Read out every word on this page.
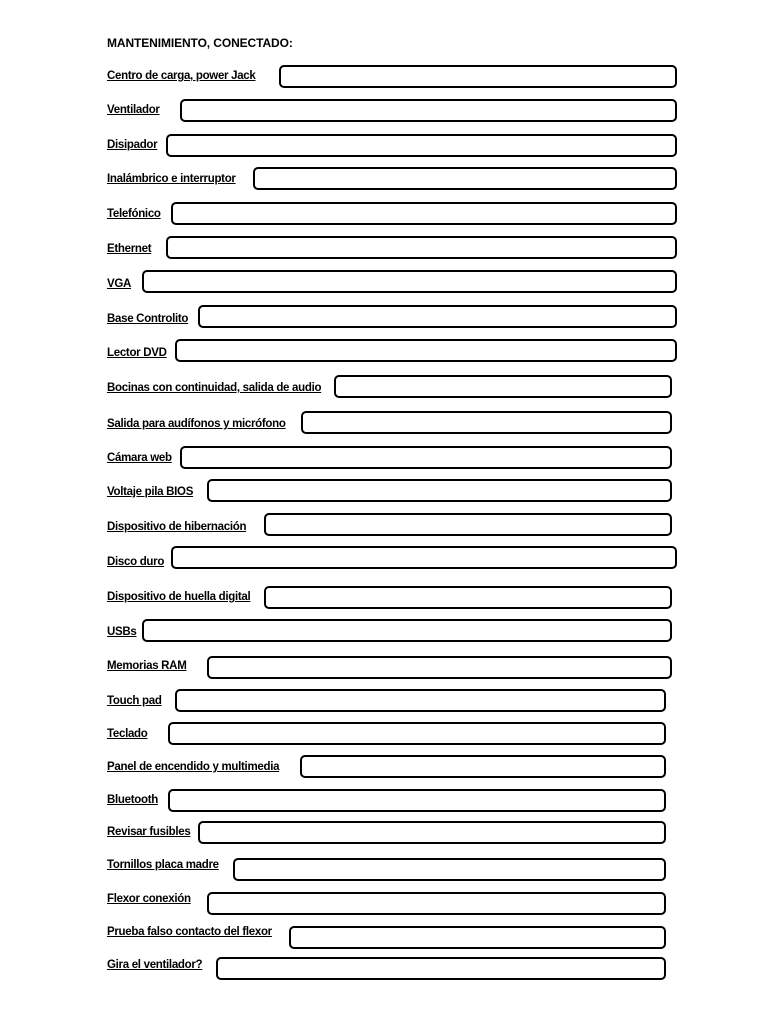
MANTENIMIENTO, CONECTADO:
Centro de carga, power Jack
Ventilador
Disipador
Inalámbrico e interruptor
Telefónico
Ethernet
VGA
Base Controlito
Lector DVD
Bocinas con continuidad, salida de audio
Salida para audífonos y micrófono
Cámara web
Voltaje pila BIOS
Dispositivo de hibernación
Disco duro
Dispositivo de huella digital
USBs
Memorias RAM
Touch pad
Teclado
Panel de encendido y multimedia
Bluetooth
Revisar fusibles
Tornillos placa madre
Flexor conexión
Prueba falso contacto del flexor
Gira el ventilador?
